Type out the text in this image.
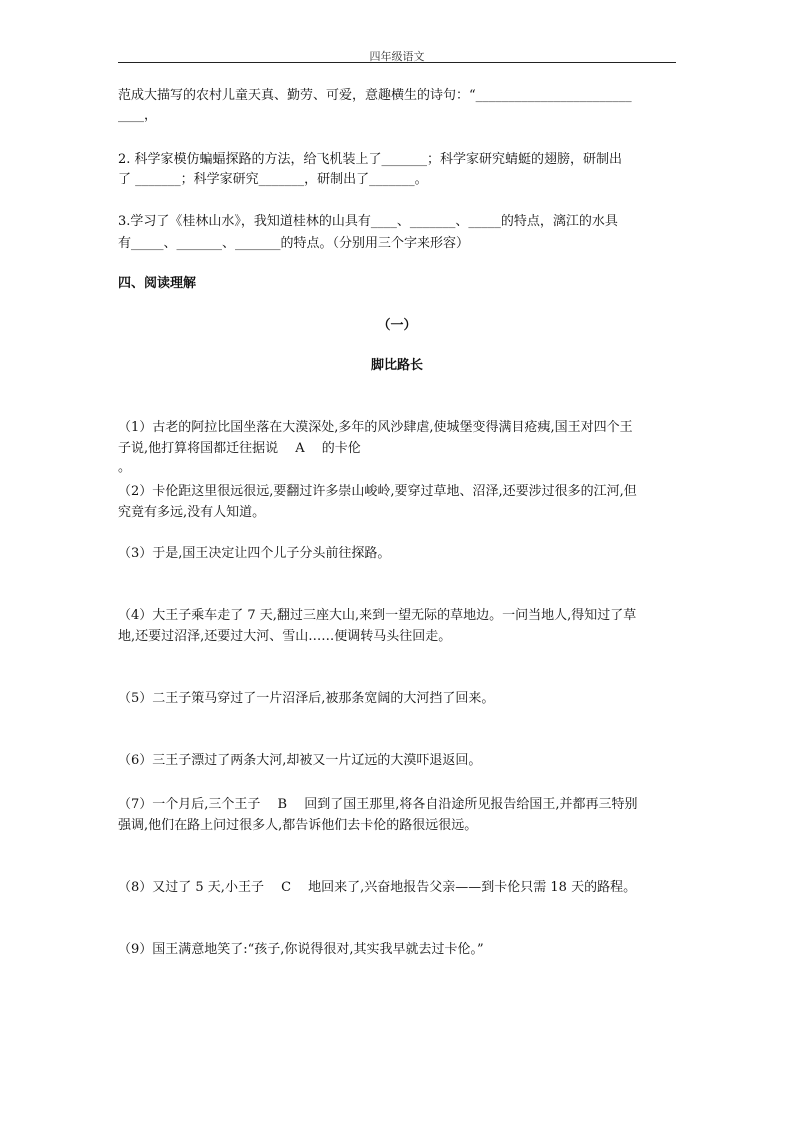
四年级语文
范成大描写的农村儿童天真、勤劳、可爱，意趣横生的诗句：“________________________
____，
2. 科学家模仿蝙蝠探路的方法，给飞机装上了_______；科学家研究蜻蜓的翅膀，研制出
了 _______；科学家研究_______，研制出了_______。
3.学习了《桂林山水》，我知道桂林的山具有____、_______、_____的特点，漓江的水具
有_____、_______、_______的特点。（分别用三个字来形容）
四、阅读理解
（一）
脚比路长
（1）古老的阿拉比国坐落在大漠深处,多年的风沙肆虐,使城堡变得满目疮痍,国王对四个王
子说,他打算将国都迁往据说　 A　 的卡伦
。
（2）卡伦距这里很远很远,要翻过许多崇山峻岭,要穿过草地、沼泽,还要涉过很多的江河,但
究竟有多远,没有人知道。
（3）于是,国王决定让四个儿子分头前往探路。
（4）大王子乘车走了 7 天,翻过三座大山,来到一望无际的草地边。一问当地人,得知过了草
地,还要过沼泽,还要过大河、雪山……便调转马头往回走。
（5）二王子策马穿过了一片沼泽后,被那条宽阔的大河挡了回来。
（6）三王子漂过了两条大河,却被又一片辽远的大漠吓退返回。
（7）一个月后,三个王子　 B　 回到了国王那里,将各自沿途所见报告给国王,并都再三特别
强调,他们在路上问过很多人,都告诉他们去卡伦的路很远很远。
（8）又过了 5 天,小王子　 C　 地回来了,兴奋地报告父亲——到卡伦只需 18 天的路程。
（9）国王满意地笑了:“孩子,你说得很对,其实我早就去过卡伦。”
